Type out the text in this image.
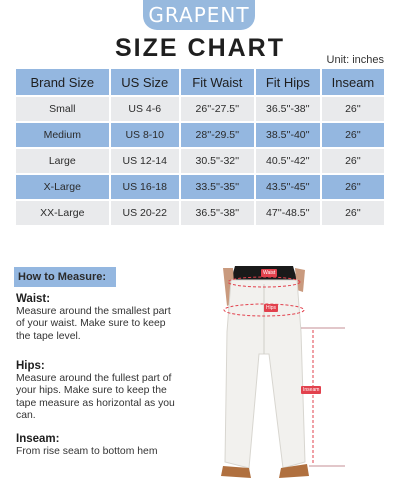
GRAPENT
SIZE CHART	Unit: inches
Brand Size	US Size	Fit Waist	Fit Hips	Inseam
Small	US 4-6	26''-27.5''	36.5''-38''	26''
Medium	US 8-10	28''-29.5''	38.5''-40''	26''
Large	US 12-14	30.5''-32''	40.5''-42''	26''
X-Large	US 16-18	33.5''-35''	43.5''-45''	26''
XX-Large	US 20-22	36.5''-38''	47''-48.5''	26''
How to Measure:
Waist:
Measure around the smallest part of your waist. Make sure to keep the tape level.
Hips:
Measure around the fullest part of your hips. Make sure to keep the tape measure as horizontal as you can.
Inseam:
From rise seam to bottom hem
Waist
Hips
Inseam
